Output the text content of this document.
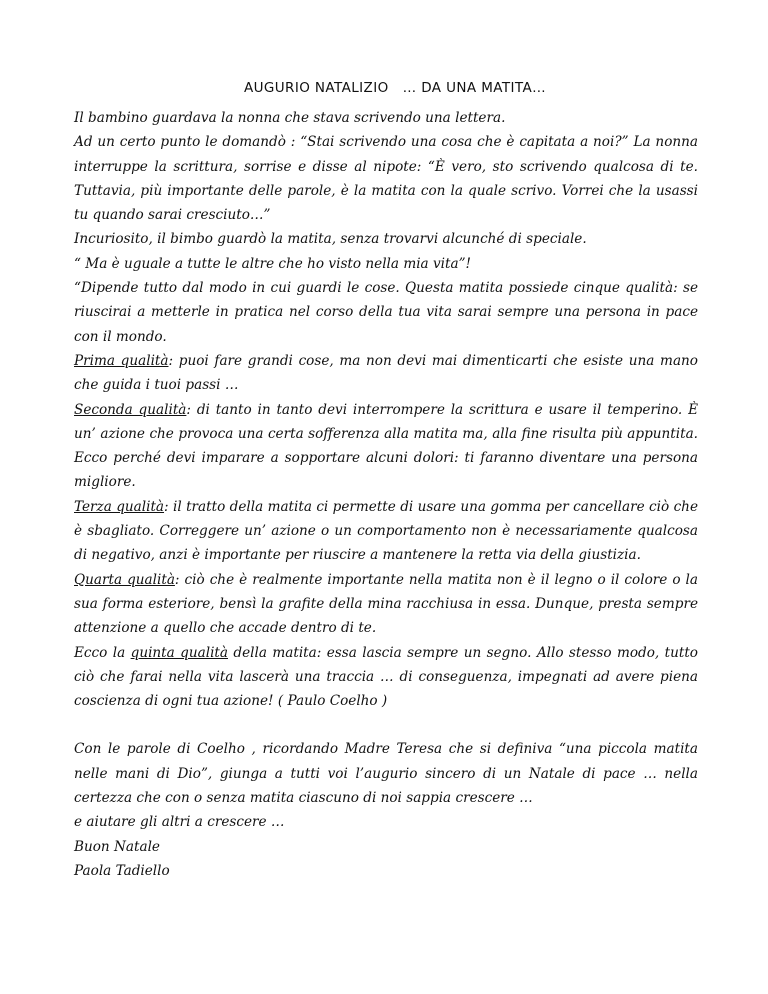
AUGURIO NATALIZIO … DA UNA MATITA…

Il bambino guardava la nonna che stava scrivendo una lettera.

Ad un certo punto le domandò : “Stai scrivendo una cosa che è capitata a noi?” La nonna interruppe la scrittura, sorrise e disse al nipote: “È vero, sto scrivendo qualcosa di te. Tuttavia, più importante delle parole, è la matita con la quale scrivo. Vorrei che la usassi tu quando sarai cresciuto…”

Incuriosito, il bimbo guardò la matita, senza trovarvi alcunché di speciale.

“ Ma è uguale a tutte le altre che ho visto nella mia vita”!

“Dipende tutto dal modo in cui guardi le cose. Questa matita possiede cinque qualità: se riuscirai a metterle in pratica nel corso della tua vita sarai sempre una persona in pace con il mondo.

Prima qualità: puoi fare grandi cose, ma non devi mai dimenticarti che esiste una mano che guida i tuoi passi …

Seconda qualità: di tanto in tanto devi interrompere la scrittura e usare il temperino. È un’ azione che provoca una certa sofferenza alla matita ma, alla fine risulta più appuntita. Ecco perché devi imparare a sopportare alcuni dolori: ti faranno diventare una persona migliore.

Terza qualità: il tratto della matita ci permette di usare una gomma per cancellare ciò che è sbagliato. Correggere un’ azione o un comportamento non è necessariamente qualcosa di negativo, anzi è importante per riuscire a mantenere la retta via della giustizia.

Quarta qualità: ciò che è realmente importante nella matita non è il legno o il colore o la sua forma esteriore, bensì la grafite della mina racchiusa in essa. Dunque, presta sempre attenzione a quello che accade dentro di te.

Ecco la quinta qualità della matita: essa lascia sempre un segno. Allo stesso modo, tutto ciò che farai nella vita lascerà una traccia … di conseguenza, impegnati ad avere piena coscienza di ogni tua azione! ( Paulo Coelho )

Con le parole di Coelho , ricordando Madre Teresa che si definiva “una piccola matita nelle mani di Dio”, giunga a tutti voi l’augurio sincero di un Natale di pace … nella certezza che con o senza matita ciascuno di noi sappia crescere …

e aiutare gli altri a crescere …

Buon Natale

Paola Tadiello
